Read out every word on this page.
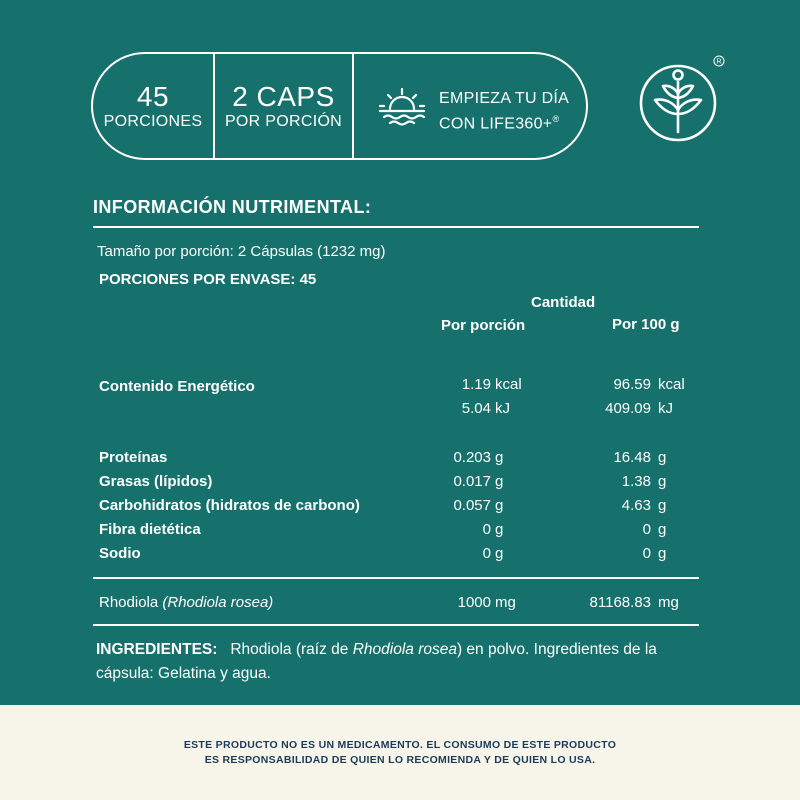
45
PORCIONES
2 CAPS
POR PORCIÓN
EMPIEZA TU DÍA
CON LIFE360+®
R
INFORMACIÓN NUTRIMENTAL:
Tamaño por porción: 2 Cápsulas (1232 mg)
PORCIONES POR ENVASE: 45
Cantidad
Por porción	Por 100 g
Contenido Energético	1.19 kcal	96.59 kcal
5.04 kJ	409.09 kJ
Proteínas	0.203 g	16.48 g
Grasas (lípidos)	0.017 g	1.38 g
Carbohidratos (hidratos de carbono)	0.057 g	4.63 g
Fibra dietética	0 g	0 g
Sodio	0 g	0 g
Rhodiola (Rhodiola rosea)	1000 mg	81168.83 mg
INGREDIENTES: Rhodiola (raíz de Rhodiola rosea) en polvo. Ingredientes de la
cápsula: Gelatina y agua.
ESTE PRODUCTO NO ES UN MEDICAMENTO. EL CONSUMO DE ESTE PRODUCTO
ES RESPONSABILIDAD DE QUIEN LO RECOMIENDA Y DE QUIEN LO USA.
